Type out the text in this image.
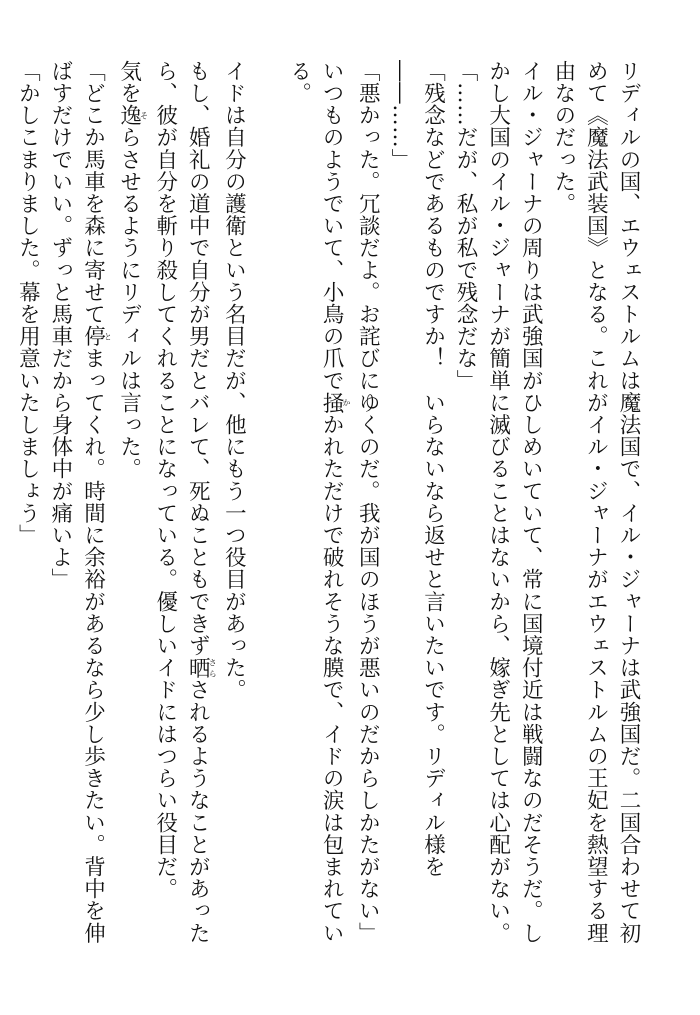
リディルの国、エウェストルムは魔法国で、イル・ジャーナは武強国だ。二国合わせて初めて《魔法武装国》となる。これがイル・ジャーナがエウェストルムの王妃を熱望する理由なのだった。

イル・ジャーナの周りは武強国がひしめいていて、常に国境付近は戦闘なのだそうだ。しかし大国のイル・ジャーナが簡単に滅びることはないから、嫁ぎ先としては心配がない。

「……だが、私が私で残念だな」

「残念などであるものですか！　いらないなら返せと言いたいです。リディル様を――……」

「悪かった。冗談だよ。お詫びにゆくのだ。我が国のほうが悪いのだからしかたがない」

いつものようでいて、小鳥の爪で掻かかれただけで破れそうな膜で、イドの涙は包まれている。

イドは自分の護衛という名目だが、他にもう一つ役目があった。

もし、婚礼の道中で自分が男だとバレて、死ぬこともできず晒さらされるようなことがあったら、彼が自分を斬り殺してくれることになっている。優しいイドにはつらい役目だ。

気を逸そらさせるようにリディルは言った。

「どこか馬車を森に寄せて停とまってくれ。時間に余裕があるなら少し歩きたい。背中を伸ばすだけでいい。ずっと馬車だから身体中が痛いよ」

「かしこまりました。幕を用意いたしましょう」
